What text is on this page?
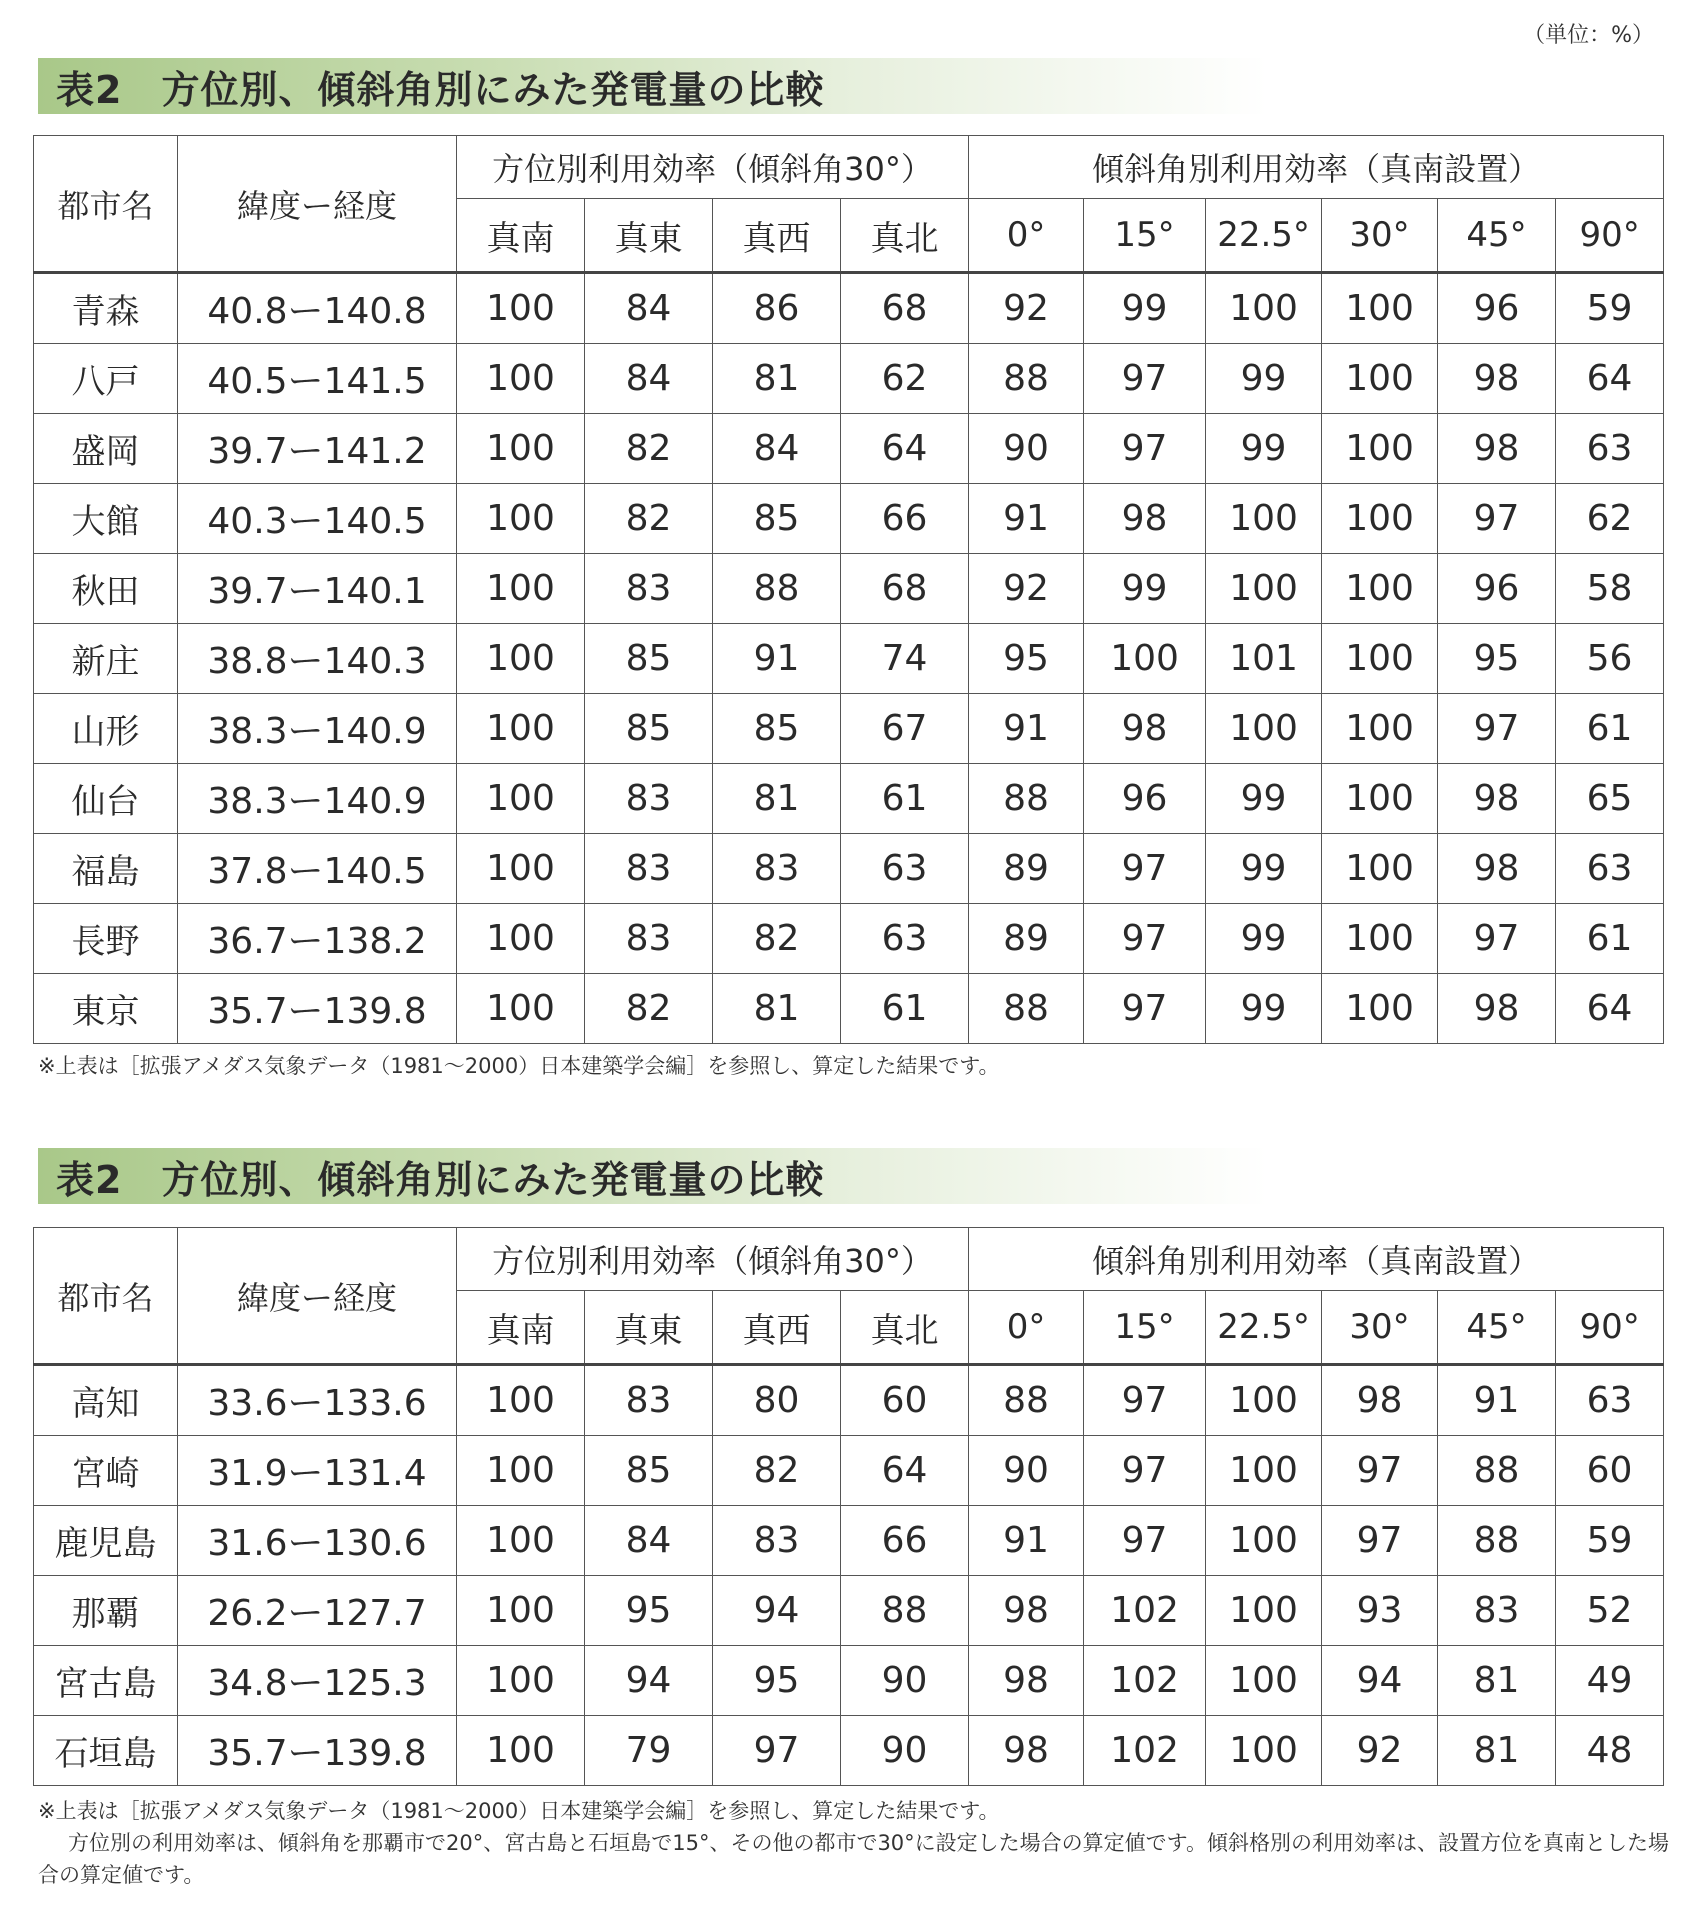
（単位：%）
表2　方位別、傾斜角別にみた発電量の比較
都市名	緯度ー経度	方位別利用効率（傾斜角30°）				傾斜角別利用効率（真南設置）					
		真南	真東	真西	真北	0°	15°	22.5°	30°	45°	90°
青森	40.8ー140.8	100	84	86	68	92	99	100	100	96	59
八戸	40.5ー141.5	100	84	81	62	88	97	99	100	98	64
盛岡	39.7ー141.2	100	82	84	64	90	97	99	100	98	63
大館	40.3ー140.5	100	82	85	66	91	98	100	100	97	62
秋田	39.7ー140.1	100	83	88	68	92	99	100	100	96	58
新庄	38.8ー140.3	100	85	91	74	95	100	101	100	95	56
山形	38.3ー140.9	100	85	85	67	91	98	100	100	97	61
仙台	38.3ー140.9	100	83	81	61	88	96	99	100	98	65
福島	37.8ー140.5	100	83	83	63	89	97	99	100	98	63
長野	36.7ー138.2	100	83	82	63	89	97	99	100	97	61
東京	35.7ー139.8	100	82	81	61	88	97	99	100	98	64
※上表は［拡張アメダス気象データ（1981〜2000）日本建築学会編］を参照し、算定した結果です。
表2　方位別、傾斜角別にみた発電量の比較
都市名	緯度ー経度	方位別利用効率（傾斜角30°）				傾斜角別利用効率（真南設置）					
		真南	真東	真西	真北	0°	15°	22.5°	30°	45°	90°
高知	33.6ー133.6	100	83	80	60	88	97	100	98	91	63
宮崎	31.9ー131.4	100	85	82	64	90	97	100	97	88	60
鹿児島	31.6ー130.6	100	84	83	66	91	97	100	97	88	59
那覇	26.2ー127.7	100	95	94	88	98	102	100	93	83	52
宮古島	34.8ー125.3	100	94	95	90	98	102	100	94	81	49
石垣島	35.7ー139.8	100	79	97	90	98	102	100	92	81	48
※上表は［拡張アメダス気象データ（1981〜2000）日本建築学会編］を参照し、算定した結果です。
方位別の利用効率は、傾斜角を那覇市で20°、宮古島と石垣島で15°、その他の都市で30°に設定した場合の算定値です。傾斜格別の利用効率は、設置方位を真南とした場合の算定値です。
